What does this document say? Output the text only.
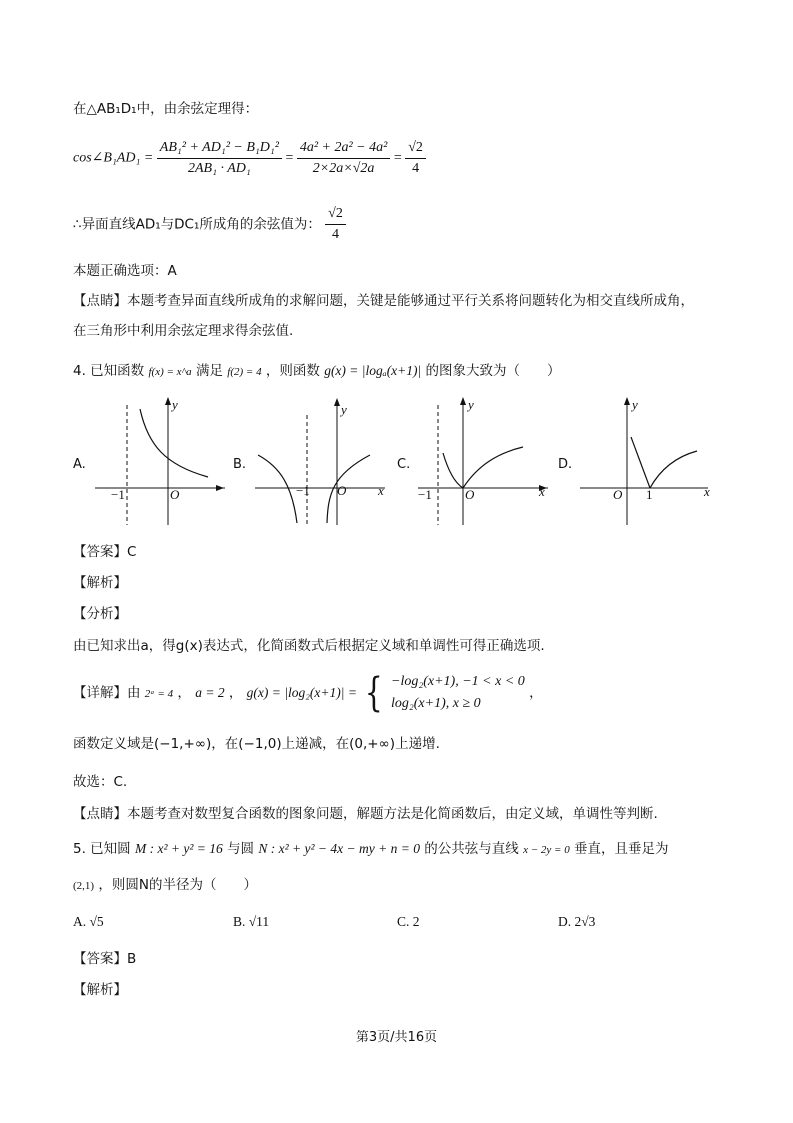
在△AB₁D₁中，由余弦定理得：
cos∠B₁AD₁ = $\frac{\text{AB₁² + AD₁² − B₁D₁²}}{\text{2AB₁ · AD₁}} = \frac{\text{4a² + 2a² − 4a²}}{2\times 2a\times√2a} = \frac{√2}{4}$
∴异面直线AD₁与DC₁所成角的余弦值为： $\frac{√2}{4}$
本题正确选项：A
【点睛】本题考查异面直线所成角的求解问题，关键是能够通过平行关系将问题转化为相交直线所成角，
在三角形中利用余弦定理求得余弦值.
4. 已知函数 f(x) = x^a 满足 f(2) = 4 ，则函数 g(x) = |logₐ(x+1)| 的图象大致为（　　）
A.
y
−1	O
B.
y
−1 O x
C.
y
−1	O	x
D.
y
O 1	x
【答案】C
【解析】
【分析】
由已知求出a，得g(x)表达式，化简函数式后根据定义域和单调性可得正确选项.
【详解】由 2ᵃ = 4 ， a = 2 ， g(x) = |log₂(x+1)| = { −log₂(x+1), −1 < x < 0
log₂(x+1), x ≥ 0
，
函数定义域是(−1,+∞)，在(−1,0)上递减，在(0,+∞)上递增.
故选：C.
【点睛】本题考查对数型复合函数的图象问题，解题方法是化简函数后，由定义域，单调性等判断.
5. 已知圆 M : x² + y² = 16 与圆 N : x² + y² − 4x − my + n = 0 的公共弦与直线 x − 2y = 0 垂直，且垂足为
(2,1) ，则圆N的半径为（　　）
A. √5	B. √11	C. 2	D. 2√3
【答案】B
【解析】
第3页/共16页
